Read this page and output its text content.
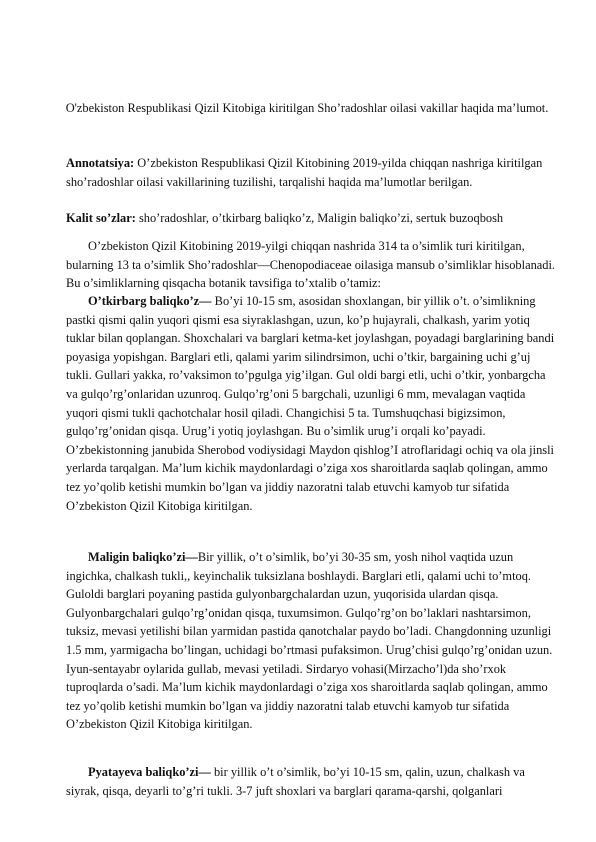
O'zbekiston Respublikasi Qizil Kitobiga kiritilgan Sho’radoshlar oilasi vakillar haqida ma’lumot.
Annotatsiya: O’zbekiston Respublikasi Qizil Kitobining 2019-yilda chiqqan nashriga kiritilgan sho’radoshlar oilasi vakillarining tuzilishi, tarqalishi haqida ma’lumotlar berilgan.
Kalit so’zlar: sho’radoshlar, o’tkirbarg baliqko’z, Maligin baliqko’zi, sertuk buzoqbosh
O’zbekiston Qizil Kitobining 2019-yilgi chiqqan nashrida 314 ta o’simlik turi kiritilgan, bularning 13 ta o’simlik Sho’radoshlar—Chenopodiaceae oilasiga mansub o’simliklar hisoblanadi. Bu o’simliklarning qisqacha botanik tavsifiga to’xtalib o’tamiz:
O’tkirbarg baliqko’z— Bo’yi 10-15 sm, asosidan shoxlangan, bir yillik o’t. o’simlikning pastki qismi qalin yuqori qismi esa siyraklashgan, uzun, ko’p hujayrali, chalkash, yarim yotiq tuklar bilan qoplangan. Shoxchalari va barglari ketma-ket joylashgan, poyadagi barglarining bandi poyasiga yopishgan. Barglari etli, qalami yarim silindrsimon, uchi o’tkir, bargaining uchi g’uj tukli. Gullari yakka, ro’vaksimon to’pgulga yig’ilgan. Gul oldi bargi etli, uchi o’tkir, yonbargcha va gulqo’rg’onlaridan uzunroq. Gulqo’rg’oni 5 bargchali, uzunligi 6 mm, mevalagan vaqtida yuqori qismi tukli qachotchalar hosil qiladi. Changichisi 5 ta. Tumshuqchasi bigizsimon, gulqo’rg’onidan qisqa. Urug’i yotiq joylashgan. Bu o’simlik urug’i orqali ko’payadi. O’zbekistonning janubida Sherobod vodiysidagi Maydon qishlog’I atroflaridagi ochiq va ola jinsli yerlarda tarqalgan. Ma’lum kichik maydonlardagi o’ziga xos sharoitlarda saqlab qolingan, ammo tez yo’qolib ketishi mumkin bo’lgan va jiddiy nazoratni talab etuvchi kamyob tur sifatida O’zbekiston Qizil Kitobiga kiritilgan.
Maligin baliqko’zi—Bir yillik, o’t o’simlik, bo’yi 30-35 sm, yosh nihol vaqtida uzun ingichka, chalkash tukli,, keyinchalik tuksizlana boshlaydi. Barglari etli, qalami uchi to’mtoq. Guloldi barglari poyaning pastida gulyonbargchalardan uzun, yuqorisida ulardan qisqa. Gulyonbargchalari gulqo’rg’onidan qisqa, tuxumsimon. Gulqo’rg’on bo’laklari nashtarsimon, tuksiz, mevasi yetilishi bilan yarmidan pastida qanotchalar paydo bo’ladi. Changdonning uzunligi 1.5 mm, yarmigacha bo’lingan, uchidagi bo’rtmasi pufaksimon. Urug’chisi gulqo’rg’onidan uzun. Iyun-sentayabr oylarida gullab, mevasi yetiladi. Sirdaryo vohasi(Mirzacho’l)da sho’rxok tuproqlarda o’sadi. Ma’lum kichik maydonlardagi o’ziga xos sharoitlarda saqlab qolingan, ammo tez yo’qolib ketishi mumkin bo’lgan va jiddiy nazoratni talab etuvchi kamyob tur sifatida O’zbekiston Qizil Kitobiga kiritilgan.
Pyatayeva baliqko’zi— bir yillik o’t o’simlik, bo’yi 10-15 sm, qalin, uzun, chalkash va siyrak, qisqa, deyarli to’g’ri tukli. 3-7 juft shoxlari va barglari qarama-qarshi, qolganlari
